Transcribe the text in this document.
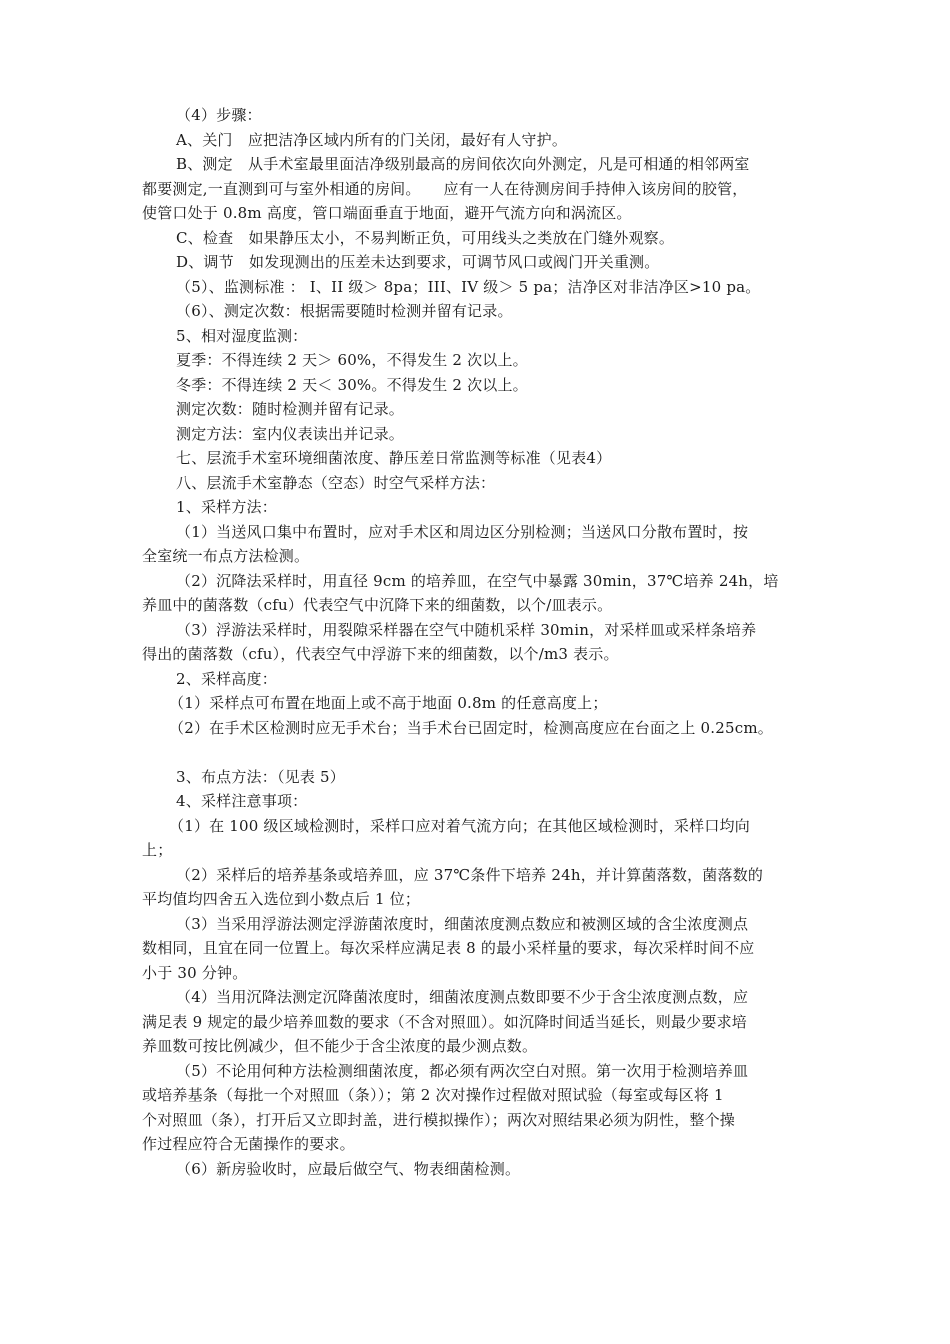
（4）步骤：
A、关门　应把洁净区域内所有的门关闭，最好有人守护。
B、测定　从手术室最里面洁净级别最高的房间依次向外测定，凡是可相通的相邻两室
都要测定,一直测到可与室外相通的房间。　　应有一人在待测房间手持伸入该房间的胶管，
使管口处于 0.8m 高度，管口端面垂直于地面，避开气流方向和涡流区。
C、检查　如果静压太小，不易判断正负，可用线头之类放在门缝外观察。
D、调节　如发现测出的压差未达到要求，可调节风口或阀门开关重测。
（5）、监测标准 ： I、II 级＞ 8pa；III、IV 级＞ 5 pa；洁净区对非洁净区>10 pa。
（6）、测定次数：根据需要随时检测并留有记录。
5、相对湿度监测：
夏季：不得连续 2 天＞ 60%，不得发生 2 次以上。
冬季：不得连续 2 天＜ 30%。不得发生 2 次以上。
测定次数：随时检测并留有记录。
测定方法：室内仪表读出并记录。
七、层流手术室环境细菌浓度、静压差日常监测等标准（见表4）
八、层流手术室静态（空态）时空气采样方法：
1、采样方法：
（1）当送风口集中布置时，应对手术区和周边区分别检测；当送风口分散布置时，按
全室统一布点方法检测。
（2）沉降法采样时，用直径 9cm 的培养皿，在空气中暴露 30min，37℃培养 24h，培
养皿中的菌落数（cfu）代表空气中沉降下来的细菌数，以个/皿表示。
（3）浮游法采样时，用裂隙采样器在空气中随机采样 30min，对采样皿或采样条培养
得出的菌落数（cfu），代表空气中浮游下来的细菌数，以个/m3 表示。
2、采样高度：
（1）采样点可布置在地面上或不高于地面 0.8m 的任意高度上；
（2）在手术区检测时应无手术台；当手术台已固定时，检测高度应在台面之上 0.25cm。
3、布点方法：（见表 5）
4、采样注意事项：
（1）在 100 级区域检测时，采样口应对着气流方向；在其他区域检测时，采样口均向
上；
（2）采样后的培养基条或培养皿，应 37℃条件下培养 24h，并计算菌落数，菌落数的
平均值均四舍五入选位到小数点后 1 位；
（3）当采用浮游法测定浮游菌浓度时，细菌浓度测点数应和被测区域的含尘浓度测点
数相同，且宜在同一位置上。每次采样应满足表 8 的最小采样量的要求，每次采样时间不应
小于 30 分钟。
（4）当用沉降法测定沉降菌浓度时，细菌浓度测点数即要不少于含尘浓度测点数，应
满足表 9 规定的最少培养皿数的要求（不含对照皿）。如沉降时间适当延长，则最少要求培
养皿数可按比例减少，但不能少于含尘浓度的最少测点数。
（5）不论用何种方法检测细菌浓度，都必须有两次空白对照。第一次用于检测培养皿
或培养基条（每批一个对照皿（条））；第 2 次对操作过程做对照试验（每室或每区将 1
个对照皿（条），打开后又立即封盖，进行模拟操作）；两次对照结果必须为阴性，整个操
作过程应符合无菌操作的要求。
（6）新房验收时，应最后做空气、物表细菌检测。
